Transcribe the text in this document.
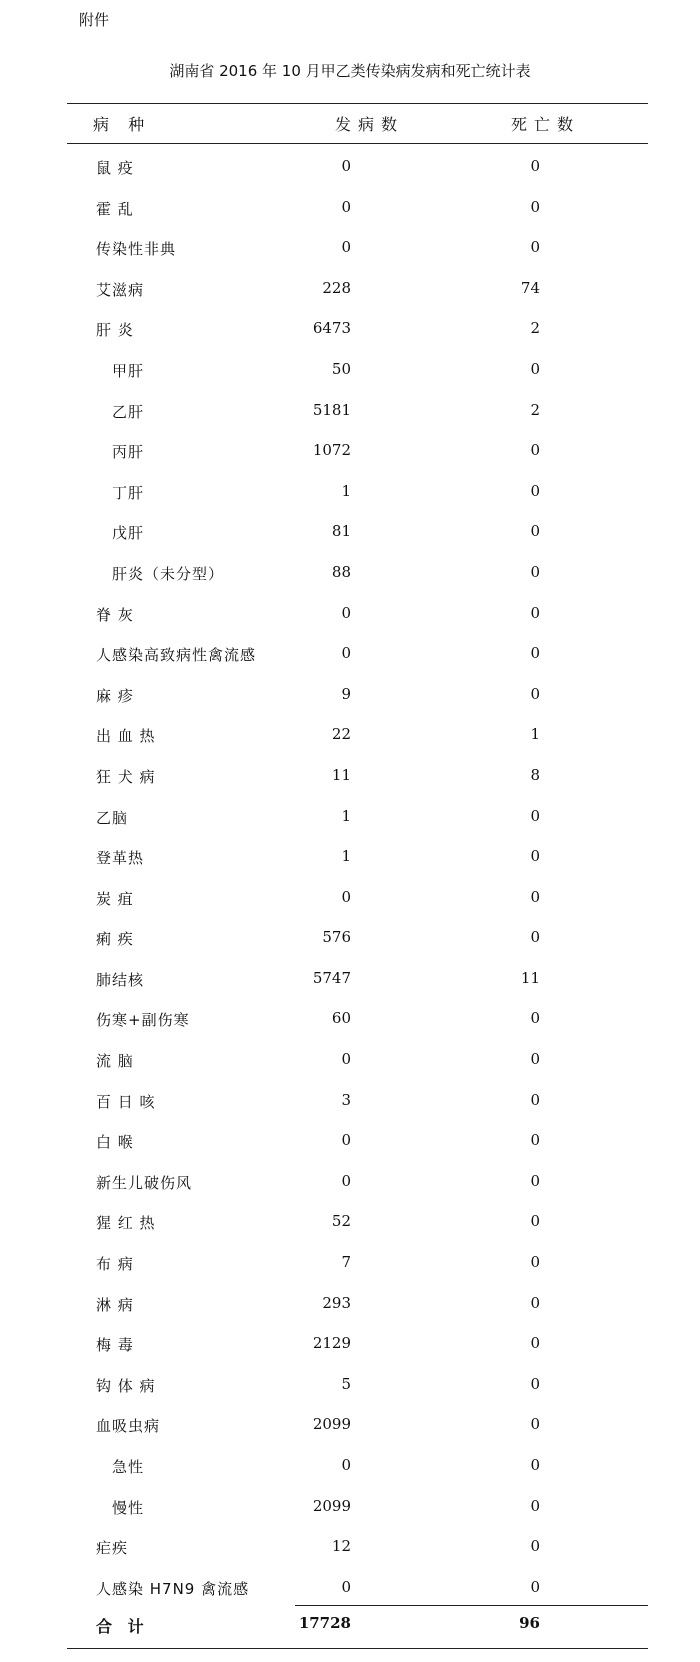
附件
湖南省 2016 年 10 月甲乙类传染病发病和死亡统计表
病 种	发病数	死亡数
鼠 疫	0	0
霍 乱	0	0
传染性非典	0	0
艾滋病	228	74
肝 炎	6473	2
甲肝	50	0
乙肝	5181	2
丙肝	1072	0
丁肝	1	0
戊肝	81	0
肝炎（未分型）	88	0
脊 灰	0	0
人感染高致病性禽流感	0	0
麻 疹	9	0
出 血 热	22	1
狂 犬 病	11	8
乙脑	1	0
登革热	1	0
炭 疽	0	0
痢 疾	576	0
肺结核	5747	11
伤寒+副伤寒	60	0
流 脑	0	0
百 日 咳	3	0
白 喉	0	0
新生儿破伤风	0	0
猩 红 热	52	0
布 病	7	0
淋 病	293	0
梅 毒	2129	0
钩 体 病	5	0
血吸虫病	2099	0
急性	0	0
慢性	2099	0
疟疾	12	0
人感染 H7N9 禽流感	0	0
合 计	17728	96
